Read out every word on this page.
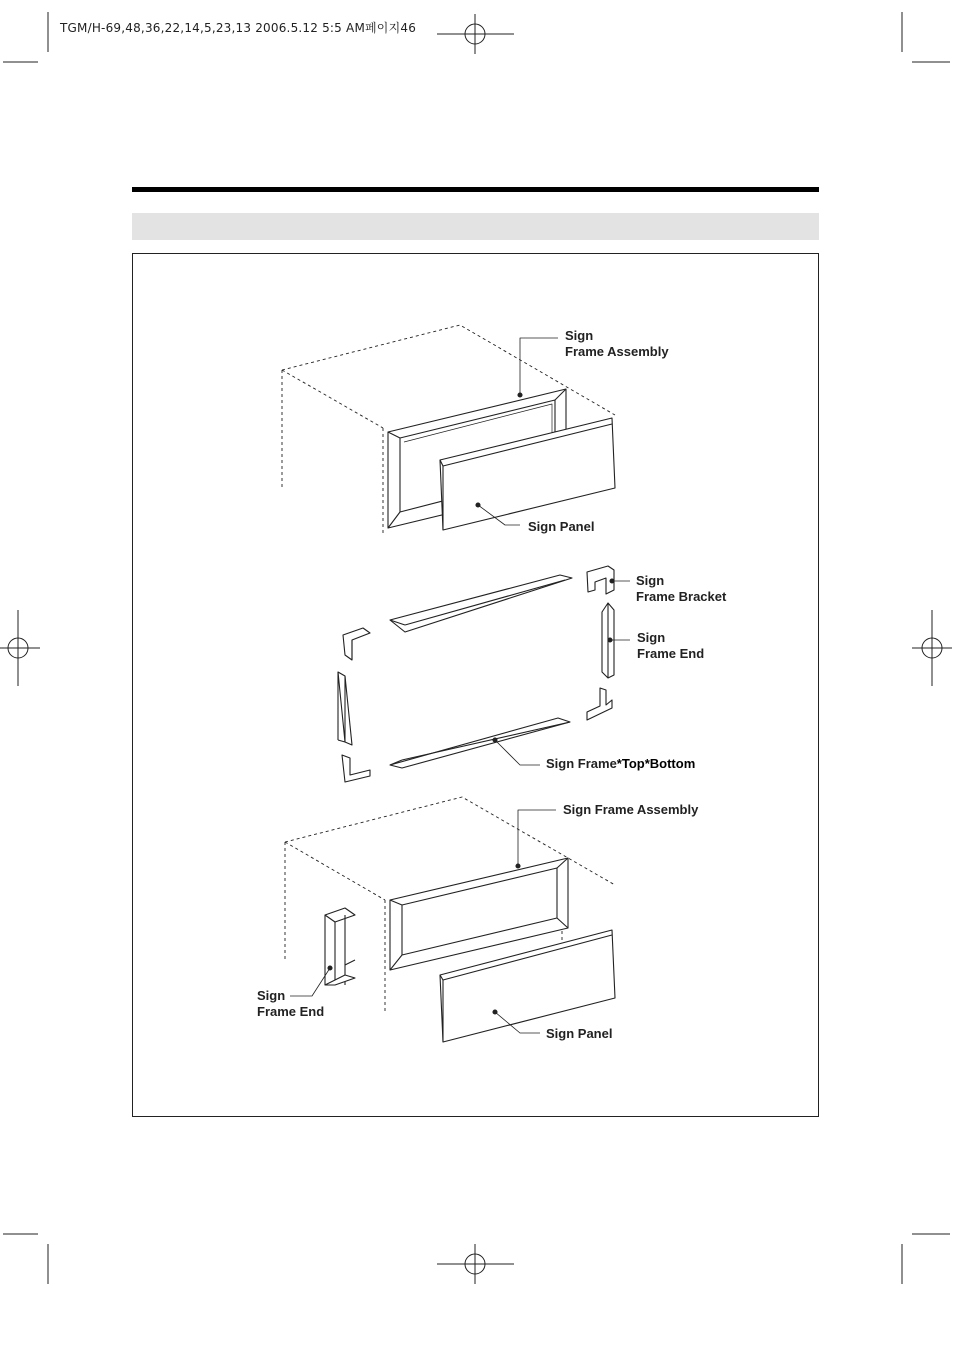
TGM/H-69,48,36,22,14,5,23,13 2006.5.12 5:5 AM페이지46
Sign
Frame Assembly
Sign Panel
Sign
Frame Bracket
Sign
Frame End
Sign Frame*Top*Bottom
Sign Frame Assembly
Sign
Frame End
Sign Panel
